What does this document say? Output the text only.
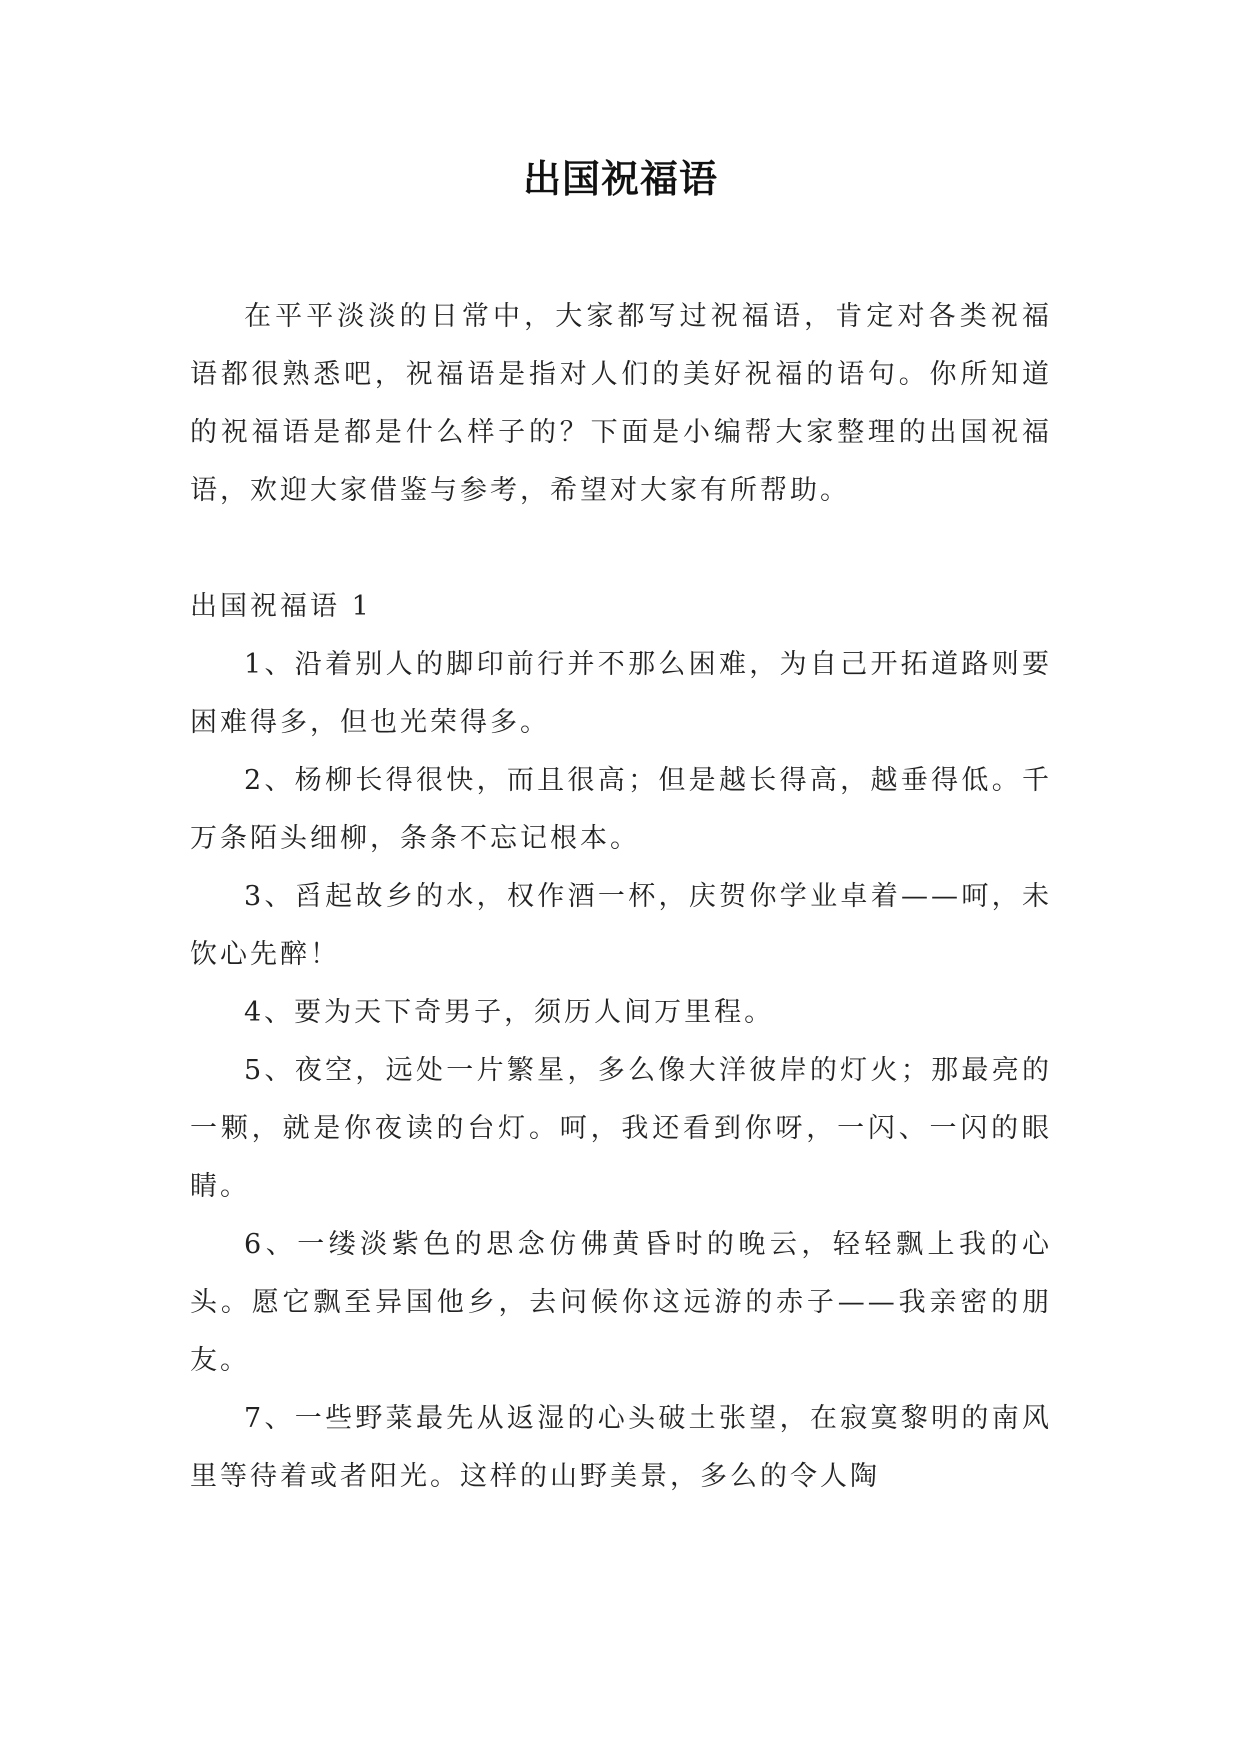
出国祝福语

在平平淡淡的日常中，大家都写过祝福语，肯定对各类祝福语都很熟悉吧，祝福语是指对人们的美好祝福的语句。你所知道的祝福语是都是什么样子的？下面是小编帮大家整理的出国祝福语，欢迎大家借鉴与参考，希望对大家有所帮助。

出国祝福语 1

1、沿着别人的脚印前行并不那么困难，为自己开拓道路则要困难得多，但也光荣得多。

2、杨柳长得很快，而且很高；但是越长得高，越垂得低。千万条陌头细柳，条条不忘记根本。

3、舀起故乡的水，权作酒一杯，庆贺你学业卓着——呵，未饮心先醉！

4、要为天下奇男子，须历人间万里程。

5、夜空，远处一片繁星，多么像大洋彼岸的灯火；那最亮的一颗，就是你夜读的台灯。呵，我还看到你呀，一闪、一闪的眼睛。

6、一缕淡紫色的思念仿佛黄昏时的晚云，轻轻飘上我的心头。愿它飘至异国他乡，去问候你这远游的赤子——我亲密的朋友。

7、一些野菜最先从返湿的心头破土张望，在寂寞黎明的南风里等待着或者阳光。这样的山野美景，多么的令人陶
